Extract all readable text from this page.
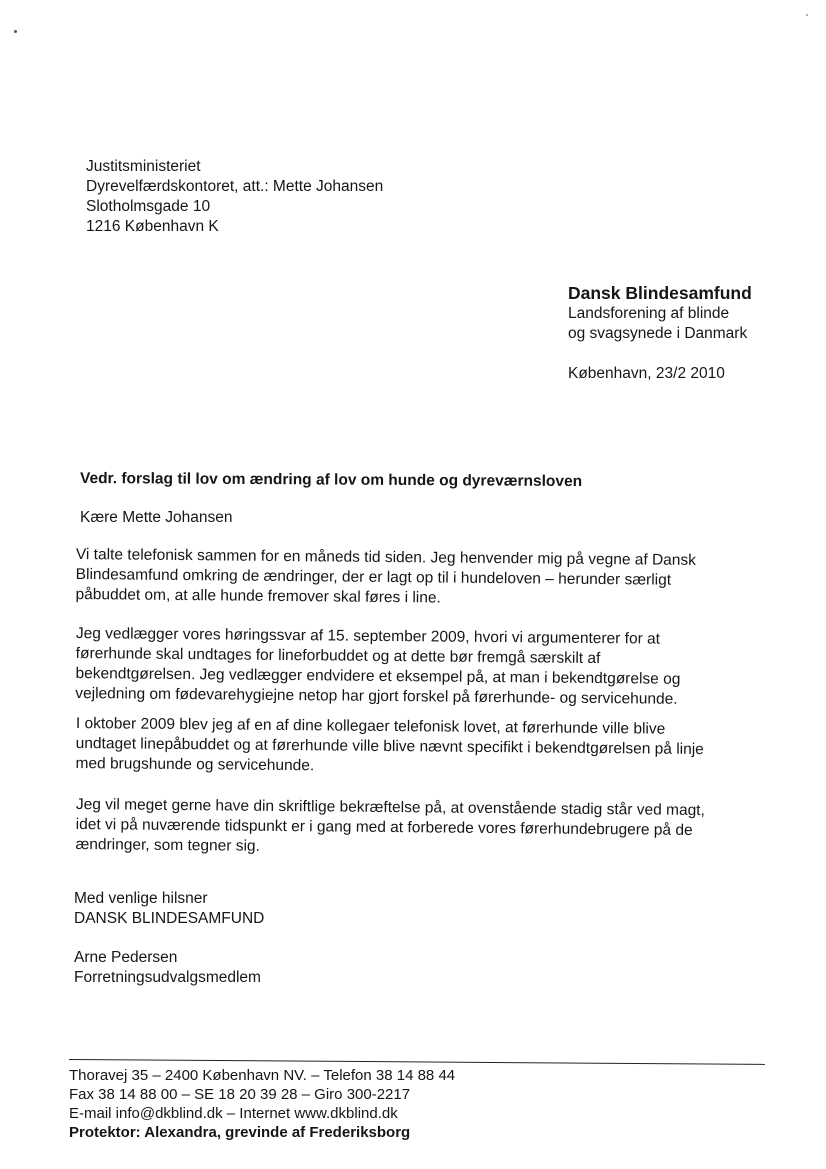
Justitsministeriet
Dyrevelfærdskontoret, att.: Mette Johansen
Slotholmsgade 10
1216 København K
Dansk Blindesamfund
Landsforening af blinde
og svagsynede i Danmark
København, 23/2 2010
Vedr. forslag til lov om ændring af lov om hunde og dyreværnsloven
Kære Mette Johansen
Vi talte telefonisk sammen for en måneds tid siden. Jeg henvender mig på vegne af Dansk
Blindesamfund omkring de ændringer, der er lagt op til i hundeloven – herunder særligt
påbuddet om, at alle hunde fremover skal føres i line.
Jeg vedlægger vores høringssvar af 15. september 2009, hvori vi argumenterer for at
førerhunde skal undtages for lineforbuddet og at dette bør fremgå særskilt af
bekendtgørelsen. Jeg vedlægger endvidere et eksempel på, at man i bekendtgørelse og
vejledning om fødevarehygiejne netop har gjort forskel på førerhunde- og servicehunde.
I oktober 2009 blev jeg af en af dine kollegaer telefonisk lovet, at førerhunde ville blive
undtaget linepåbuddet og at førerhunde ville blive nævnt specifikt i bekendtgørelsen på linje
med brugshunde og servicehunde.
Jeg vil meget gerne have din skriftlige bekræftelse på, at ovenstående stadig står ved magt,
idet vi på nuværende tidspunkt er i gang med at forberede vores førerhundebrugere på de
ændringer, som tegner sig.
Med venlige hilsner
DANSK BLINDESAMFUND
Arne Pedersen
Forretningsudvalgsmedlem
Thoravej 35 – 2400 København NV. – Telefon 38 14 88 44
Fax 38 14 88 00 – SE 18 20 39 28 – Giro 300-2217
E-mail info@dkblind.dk – Internet www.dkblind.dk
Protektor: Alexandra, grevinde af Frederiksborg
